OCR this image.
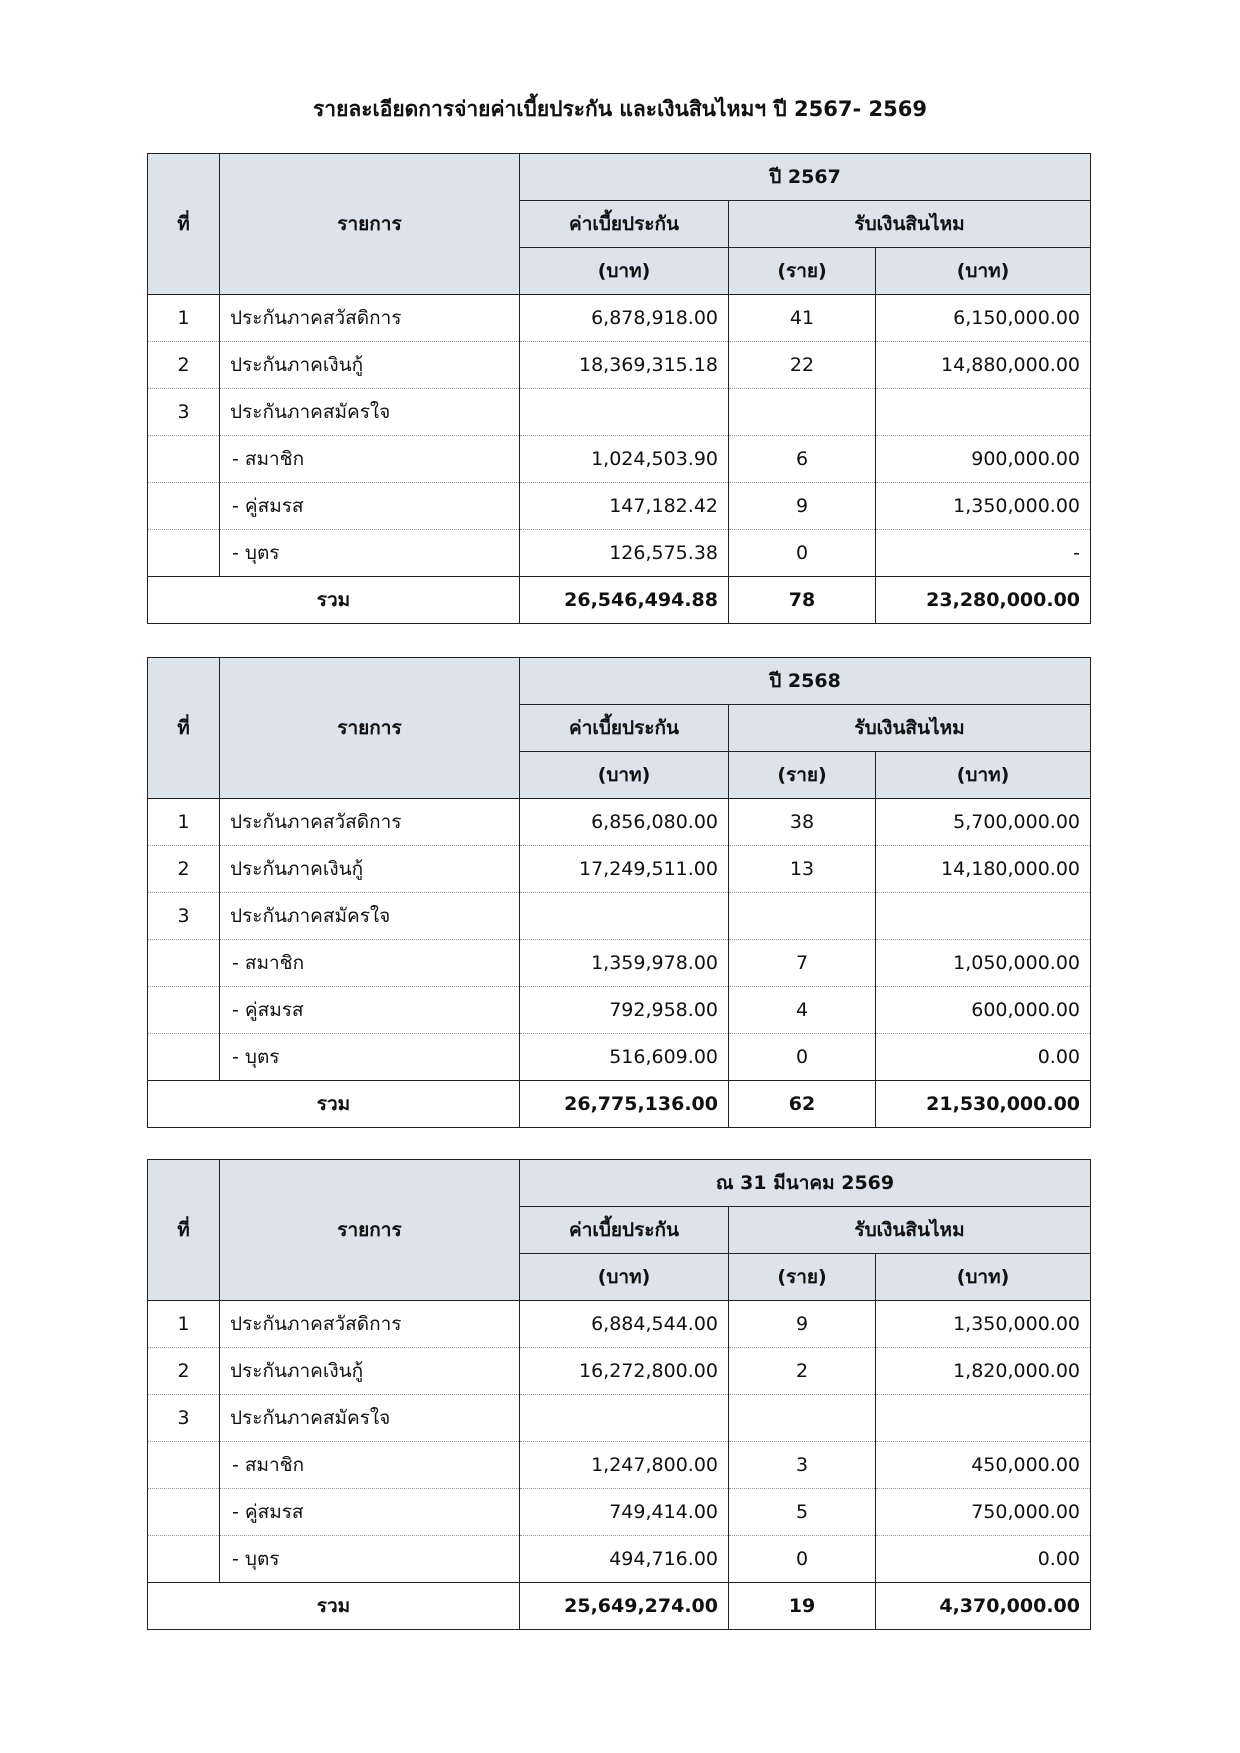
รายละเอียดการจ่ายค่าเบี้ยประกัน และเงินสินไหมฯ ปี 2567- 2569
ที่	รายการ	ปี 2567		
		ค่าเบี้ยประกัน	รับเงินสินไหม	
		(บาท)	(ราย)	(บาท)
1	ประกันภาคสวัสดิการ	6,878,918.00	41	6,150,000.00
2	ประกันภาคเงินกู้	18,369,315.18	22	14,880,000.00
3	ประกันภาคสมัครใจ			
	- สมาชิก	1,024,503.90	6	900,000.00
	- คู่สมรส	147,182.42	9	1,350,000.00
	- บุตร	126,575.38	0	-
รวม		26,546,494.88	78	23,280,000.00
ที่	รายการ	ปี 2568		
		ค่าเบี้ยประกัน	รับเงินสินไหม	
		(บาท)	(ราย)	(บาท)
1	ประกันภาคสวัสดิการ	6,856,080.00	38	5,700,000.00
2	ประกันภาคเงินกู้	17,249,511.00	13	14,180,000.00
3	ประกันภาคสมัครใจ			
	- สมาชิก	1,359,978.00	7	1,050,000.00
	- คู่สมรส	792,958.00	4	600,000.00
	- บุตร	516,609.00	0	0.00
รวม		26,775,136.00	62	21,530,000.00
ที่	รายการ	ณ 31 มีนาคม 2569		
		ค่าเบี้ยประกัน	รับเงินสินไหม	
		(บาท)	(ราย)	(บาท)
1	ประกันภาคสวัสดิการ	6,884,544.00	9	1,350,000.00
2	ประกันภาคเงินกู้	16,272,800.00	2	1,820,000.00
3	ประกันภาคสมัครใจ			
	- สมาชิก	1,247,800.00	3	450,000.00
	- คู่สมรส	749,414.00	5	750,000.00
	- บุตร	494,716.00	0	0.00
รวม		25,649,274.00	19	4,370,000.00
